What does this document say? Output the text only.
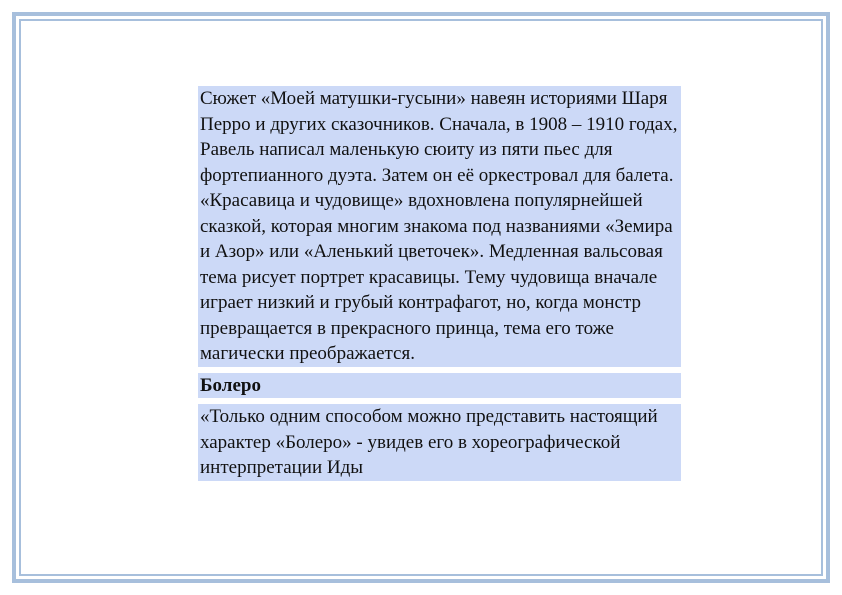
Сюжет «Моей матушки-гусыни» навеян историями Шаря Перро и других сказочников. Сначала, в 1908 – 1910 годах, Равель написал маленькую сюиту из пяти пьес для фортепианного дуэта. Затем он её оркестровал для балета. «Красавица и чудовище» вдохновлена популярнейшей сказкой, которая многим знакома под названиями «Земира и Азор» или «Аленький цветочек». Медленная вальсовая тема рисует портрет красавицы. Тему чудовища вначале играет низкий и грубый контрафагот, но, когда монстр превращается в прекрасного принца, тема его тоже магически преображается.

Болеро

«Только одним способом можно представить настоящий характер «Болеро» - увидев его в хореографической интерпретации Иды
